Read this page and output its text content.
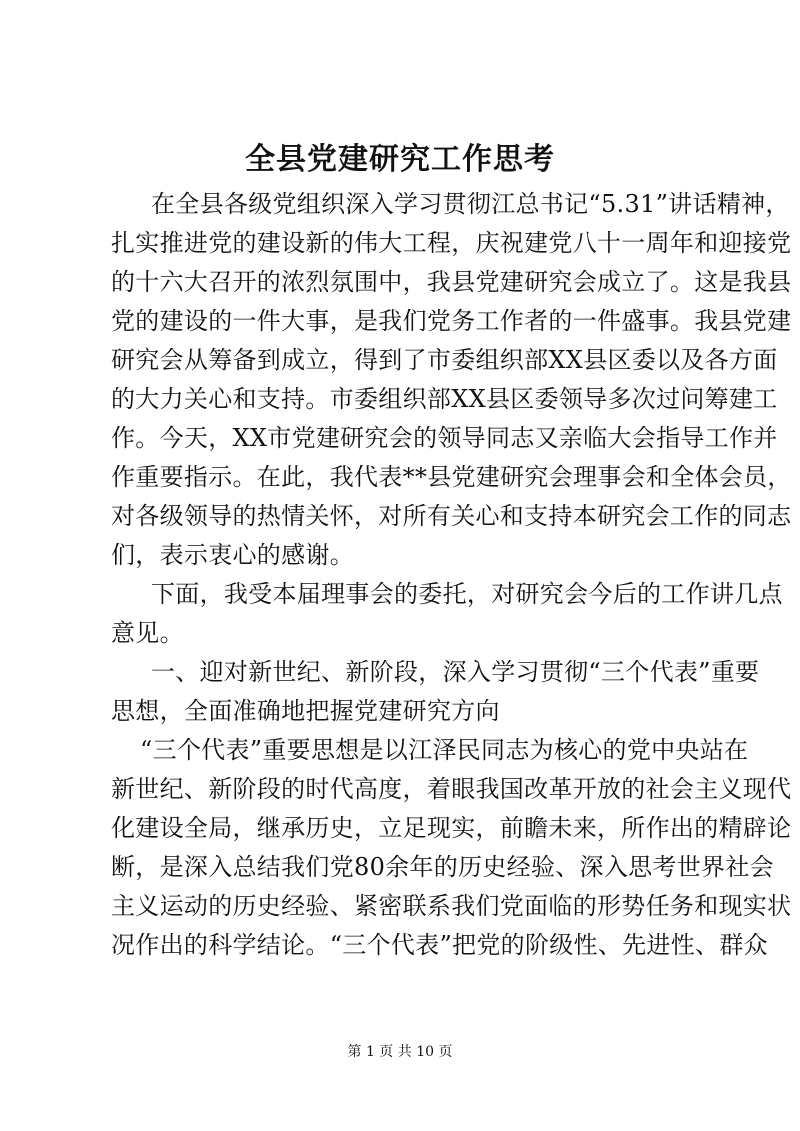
全县党建研究工作思考
在全县各级党组织深入学习贯彻江总书记“5.31”讲话精神，
扎实推进党的建设新的伟大工程，庆祝建党八十一周年和迎接党
的十六大召开的浓烈氛围中，我县党建研究会成立了。这是我县
党的建设的一件大事，是我们党务工作者的一件盛事。我县党建
研究会从筹备到成立，得到了市委组织部XX县区委以及各方面
的大力关心和支持。市委组织部XX县区委领导多次过问筹建工
作。今天，XX市党建研究会的领导同志又亲临大会指导工作并
作重要指示。在此，我代表**县党建研究会理事会和全体会员，
对各级领导的热情关怀，对所有关心和支持本研究会工作的同志
们，表示衷心的感谢。
下面，我受本届理事会的委托，对研究会今后的工作讲几点
意见。
一、迎对新世纪、新阶段，深入学习贯彻“三个代表”重要
思想，全面准确地把握党建研究方向
“三个代表”重要思想是以江泽民同志为核心的党中央站在
新世纪、新阶段的时代高度，着眼我国改革开放的社会主义现代
化建设全局，继承历史，立足现实，前瞻未来，所作出的精辟论
断，是深入总结我们党80余年的历史经验、深入思考世界社会
主义运动的历史经验、紧密联系我们党面临的形势任务和现实状
况作出的科学结论。“三个代表”把党的阶级性、先进性、群众
第 1 页 共 10 页
